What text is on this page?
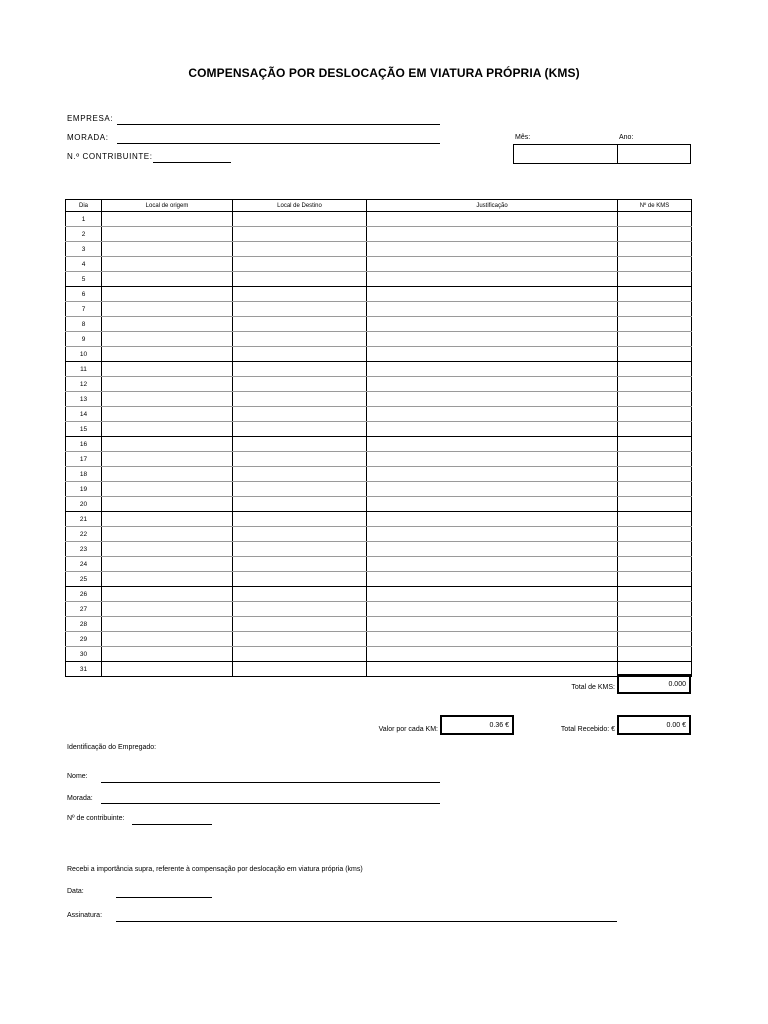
COMPENSAÇÃO POR DESLOCAÇÃO EM VIATURA PRÓPRIA (KMS)
EMPRESA:
MORADA:
N.º CONTRIBUINTE:
Mês:	Ano:
Dia	Local de origem	Local de Destino	Justificação	Nº de KMS
1				
2				
3				
4				
5				
6				
7				
8				
9				
10				
11				
12				
13				
14				
15				
16				
17				
18				
19				
20				
21				
22				
23				
24				
25				
26				
27				
28				
29				
30				
31				
Total de KMS:	0.000
Valor por cada KM:
0.36 €
Total Recebido: €
0.00 €
Identificação do Empregado:
Nome:
Morada:
Nº de contribuinte:
Recebi a importância supra, referente à compensação por deslocação em viatura própria (kms)
Data:
Assinatura:
